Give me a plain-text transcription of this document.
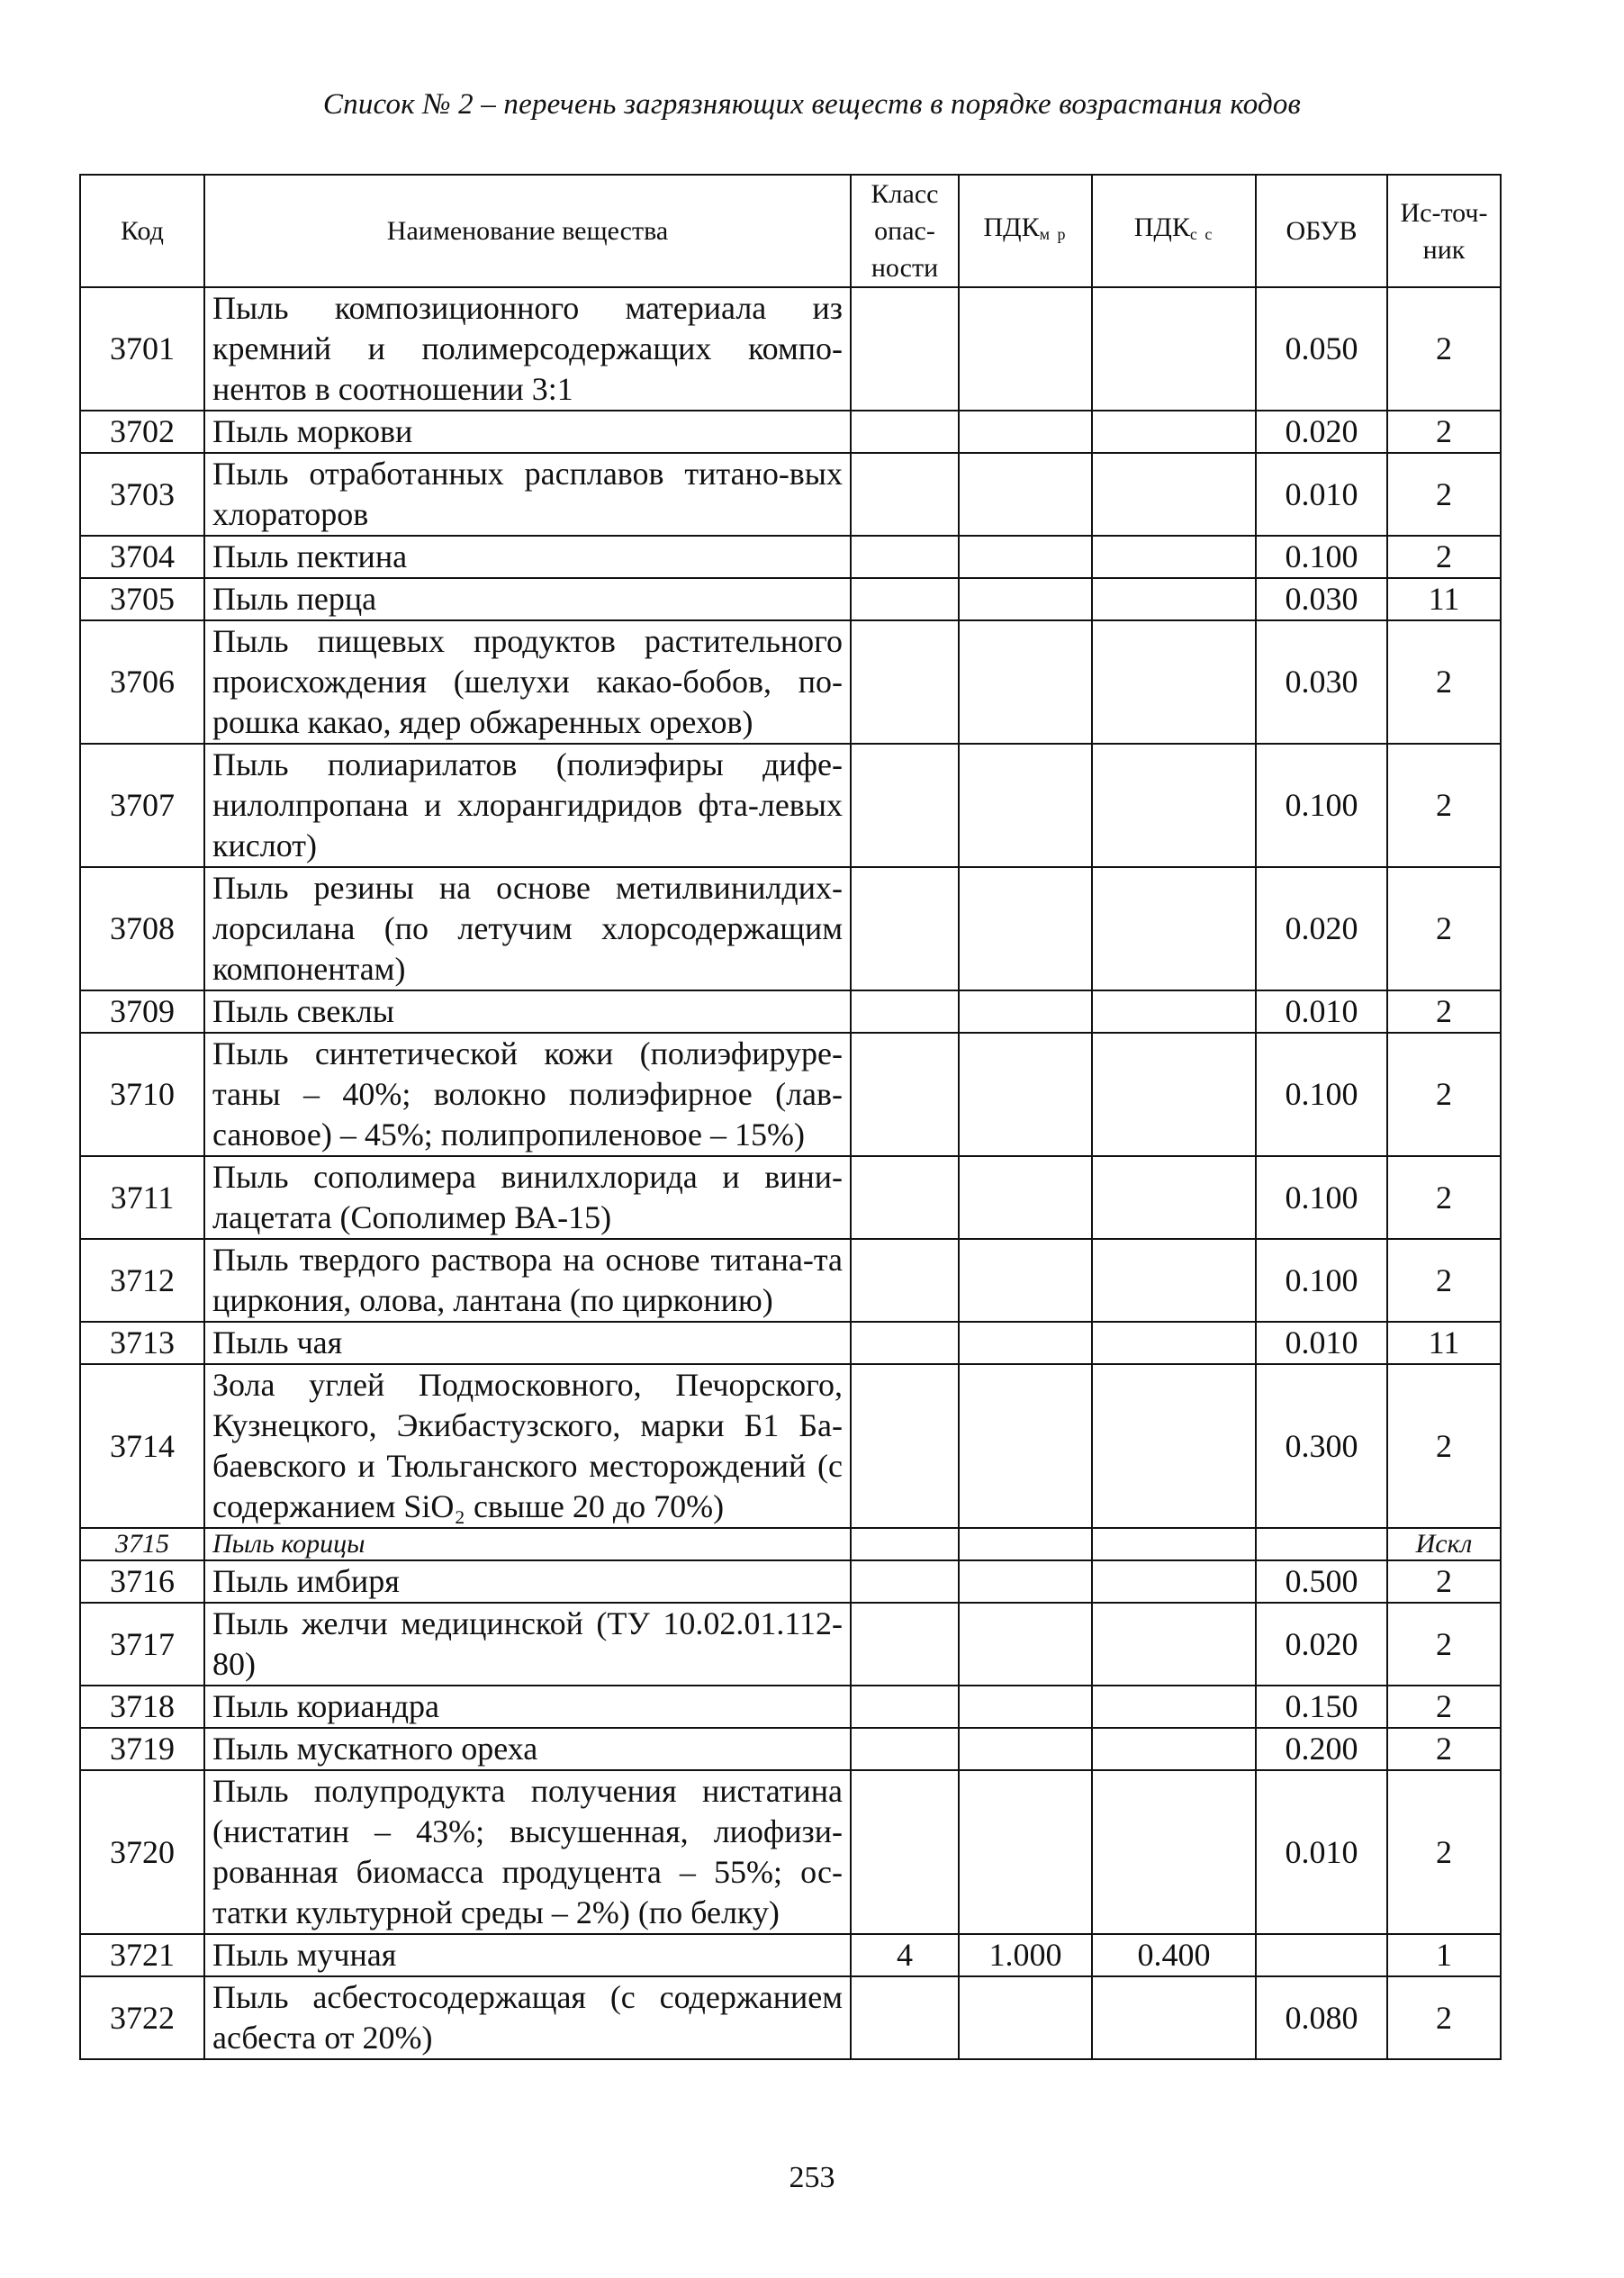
Список № 2 – перечень загрязняющих веществ в порядке возрастания кодов
Код	Наименование вещества	Класс опас-ности	ПДКм р	ПДКс с	ОБУВ	Ис-точ-ник

3701	Пыль композиционного материала из кремний и полимерсодержащих компо-нентов в соотношении 3:1				0.050	2
3702	Пыль моркови				0.020	2
3703	Пыль отработанных расплавов титано-вых хлораторов				0.010	2
3704	Пыль пектина				0.100	2
3705	Пыль перца				0.030	11
3706	Пыль пищевых продуктов растительного происхождения (шелухи какао-бобов, по-рошка какао, ядер обжаренных орехов)				0.030	2
3707	Пыль полиарилатов (полиэфиры дифе-нилолпропана и хлорангидридов фта-левых кислот)				0.100	2
3708	Пыль резины на основе метилвинилдих-лорсилана (по летучим хлорсодержащим компонентам)				0.020	2
3709	Пыль свеклы				0.010	2
3710	Пыль синтетической кожи (полиэфируре-таны – 40%; волокно полиэфирное (лав-сановое) – 45%; полипропиленовое – 15%)				0.100	2
3711	Пыль сополимера винилхлорида и вини-лацетата (Сополимер ВА-15)				0.100	2
3712	Пыль твердого раствора на основе титана-та циркония, олова, лантана (по цирконию)				0.100	2
3713	Пыль чая				0.010	11
3714	Зола углей Подмосковного, Печорского, Кузнецкого, Экибастузского, марки Б1 Ба-баевского и Тюльганского месторождений (с содержанием SiO₂ свыше 20 до 70%)				0.300	2
3715	Пыль корицы					Искл
3716	Пыль имбиря				0.500	2
3717	Пыль желчи медицинской (ТУ 10.02.01.112-80)				0.020	2
3718	Пыль кориандра				0.150	2
3719	Пыль мускатного ореха				0.200	2
3720	Пыль полупродукта получения нистатина (нистатин – 43%; высушенная, лиофизи-рованная биомасса продуцента – 55%; ос-татки культурной среды – 2%) (по белку)				0.010	2
3721	Пыль мучная	4	1.000	0.400		1
3722	Пыль асбестосодержащая (с содержанием асбеста от 20%)				0.080	2
253
